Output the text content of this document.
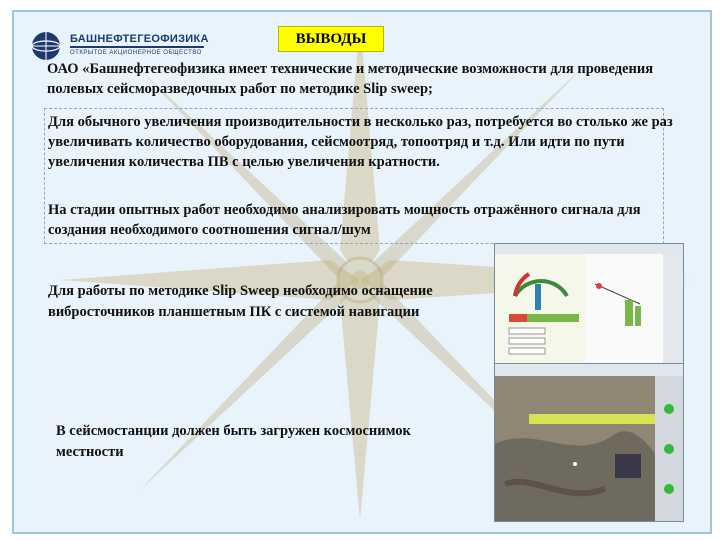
БАШНЕФТЕГЕОФИЗИКА
ОТКРЫТОЕ АКЦИОНЕРНОЕ ОБЩЕСТВО
ВЫВОДЫ

ОАО «Башнефтегеофизика имеет технические и методические возможности для проведения полевых сейсморазведочных работ по методике Slip sweep;

Для обычного увеличения производительности в несколько раз, потребуется во столько же раз увеличивать количество оборудования, сейсмоотряд, топоотряд и т.д. Или идти по пути увеличения количества ПВ с целью увеличения кратности.

На стадии опытных работ необходимо анализировать мощность отражённого сигнала для создания необходимого соотношения сигнал/шум

Для работы по методике Slip Sweep необходимо оснащение вибросточников планшетным ПК с системой навигации

В сейсмостанции должен быть загружен космоснимок местности
